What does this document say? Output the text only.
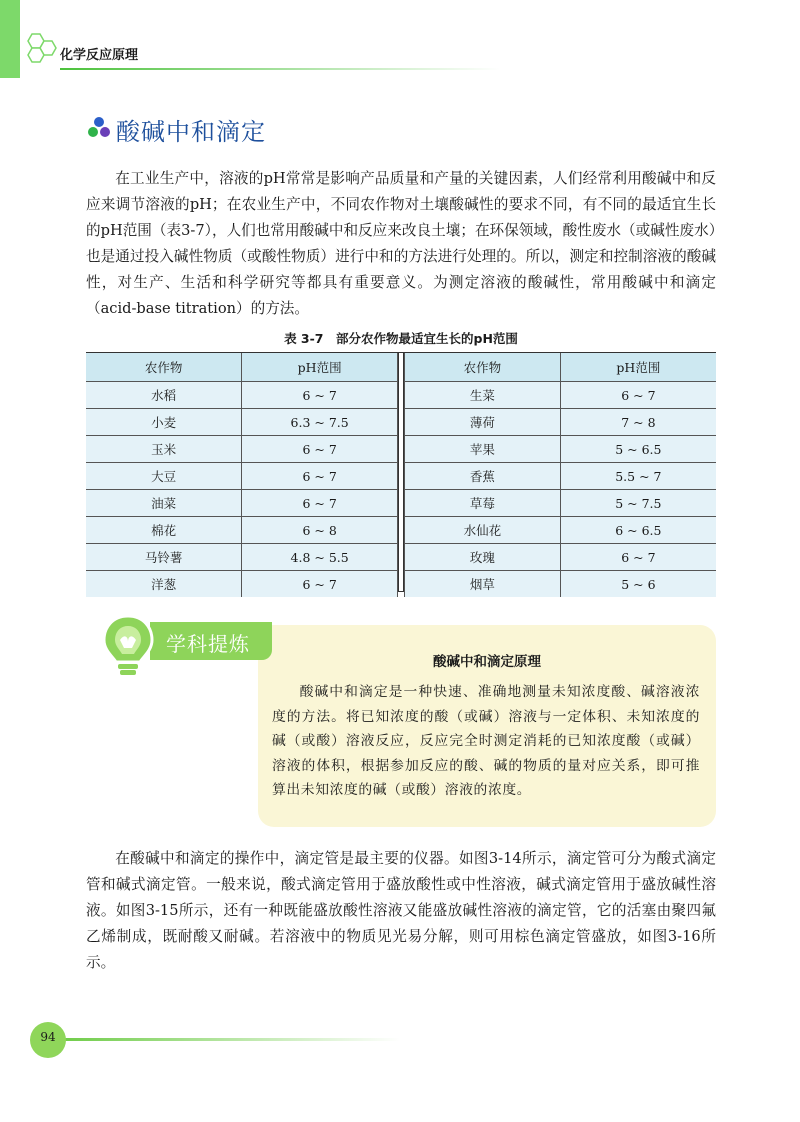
化学反应原理
酸碱中和滴定
在工业生产中，溶液的pH常常是影响产品质量和产量的关键因素，人们经常利用酸碱中和反应来调节溶液的pH；在农业生产中，不同农作物对土壤酸碱性的要求不同，有不同的最适宜生长的pH范围（表3-7），人们也常用酸碱中和反应来改良土壤；在环保领域，酸性废水（或碱性废水）也是通过投入碱性物质（或酸性物质）进行中和的方法进行处理的。所以，测定和控制溶液的酸碱性，对生产、生活和科学研究等都具有重要意义。为测定溶液的酸碱性，常用酸碱中和滴定（acid-base titration）的方法。
表 3-7　部分农作物最适宜生长的pH范围
农作物	pH范围
水稻	6 ~ 7
小麦	6.3 ~ 7.5
玉米	6 ~ 7
大豆	6 ~ 7
油菜	6 ~ 7
棉花	6 ~ 8
马铃薯	4.8 ~ 5.5
洋葱	6 ~ 7
农作物	pH范围
生菜	6 ~ 7
薄荷	7 ~ 8
苹果	5 ~ 6.5
香蕉	5.5 ~ 7
草莓	5 ~ 7.5
水仙花	6 ~ 6.5
玫瑰	6 ~ 7
烟草	5 ~ 6
学科提炼
酸碱中和滴定原理
酸碱中和滴定是一种快速、准确地测量未知浓度酸、碱溶液浓度的方法。将已知浓度的酸（或碱）溶液与一定体积、未知浓度的碱（或酸）溶液反应，反应完全时测定消耗的已知浓度酸（或碱）溶液的体积，根据参加反应的酸、碱的物质的量对应关系，即可推算出未知浓度的碱（或酸）溶液的浓度。
在酸碱中和滴定的操作中，滴定管是最主要的仪器。如图3-14所示，滴定管可分为酸式滴定管和碱式滴定管。一般来说，酸式滴定管用于盛放酸性或中性溶液，碱式滴定管用于盛放碱性溶液。如图3-15所示，还有一种既能盛放酸性溶液又能盛放碱性溶液的滴定管，它的活塞由聚四氟乙烯制成，既耐酸又耐碱。若溶液中的物质见光易分解，则可用棕色滴定管盛放，如图3-16所示。
94
